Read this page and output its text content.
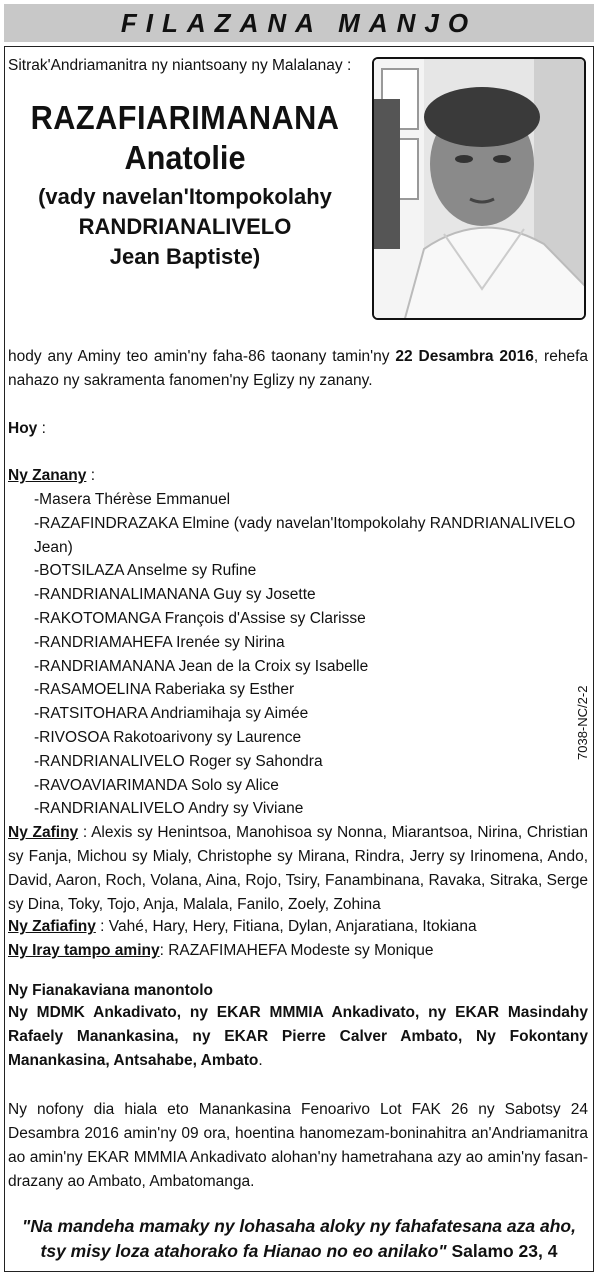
FILAZANA MANJO
Sitrak'Andriamanitra ny niantsoany ny Malalanay :
RAZAFIARIMANANA
Anatolie
(vady navelan'Itompokolahy
RANDRIANALIVELO
Jean Baptiste)
hody any Aminy teo amin'ny faha-86 taonany tamin'ny 22 Desambra 2016, rehefa nahazo ny sakramenta fanomen'ny Eglizy ny zanany.
Hoy :
Ny Zanany :
-Masera Thérèse Emmanuel
-RAZAFINDRAZAKA Elmine (vady navelan'Itompokolahy RANDRIANALIVELO Jean)
-BOTSILAZA Anselme sy Rufine
-RANDRIANALIMANANA Guy sy Josette
-RAKOTOMANGA François d'Assise sy Clarisse
-RANDRIAMAHEFA Irenée sy Nirina
-RANDRIAMANANA Jean de la Croix sy Isabelle
-RASAMOELINA Raberiaka sy Esther
-RATSITOHARA Andriamihaja sy Aimée
-RIVOSOA Rakotoarivony sy Laurence
-RANDRIANALIVELO Roger sy Sahondra
-RAVOAVIARIMANDA Solo sy Alice
-RANDRIANALIVELO Andry sy Viviane
7038-NC/2-2
Ny Zafiny : Alexis sy Henintsoa, Manohisoa sy Nonna, Miarantsoa, Nirina, Christian sy Fanja, Michou sy Mialy, Christophe sy Mirana, Rindra, Jerry sy Irinomena, Ando, David, Aaron, Roch, Volana, Aina, Rojo, Tsiry, Fanambinana, Ravaka, Sitraka, Serge sy Dina, Toky, Tojo, Anja, Malala, Fanilo, Zoely, Zohina
Ny Zafiafiny : Vahé, Hary, Hery, Fitiana, Dylan, Anjaratiana, Itokiana
Ny Iray tampo aminy: RAZAFIMAHEFA Modeste sy Monique
Ny Fianakaviana manontolo
Ny MDMK Ankadivato, ny EKAR MMMIA Ankadivato, ny EKAR Masindahy Rafaely Manankasina, ny EKAR Pierre Calver Ambato, Ny Fokontany Manankasina, Antsahabe, Ambato.
Ny nofony dia hiala eto Manankasina Fenoarivo Lot FAK 26 ny Sabotsy 24 Desambra 2016 amin'ny 09 ora, hoentina hanomezam-boninahitra an'Andriamanitra ao amin'ny EKAR MMMIA Ankadivato alohan'ny hametrahana azy ao amin'ny fasan-drazany ao Ambato, Ambatomanga.
"Na mandeha mamaky ny lohasaha aloky ny fahafatesana aza aho,
tsy misy loza atahorako fa Hianao no eo anilako" Salamo 23, 4
